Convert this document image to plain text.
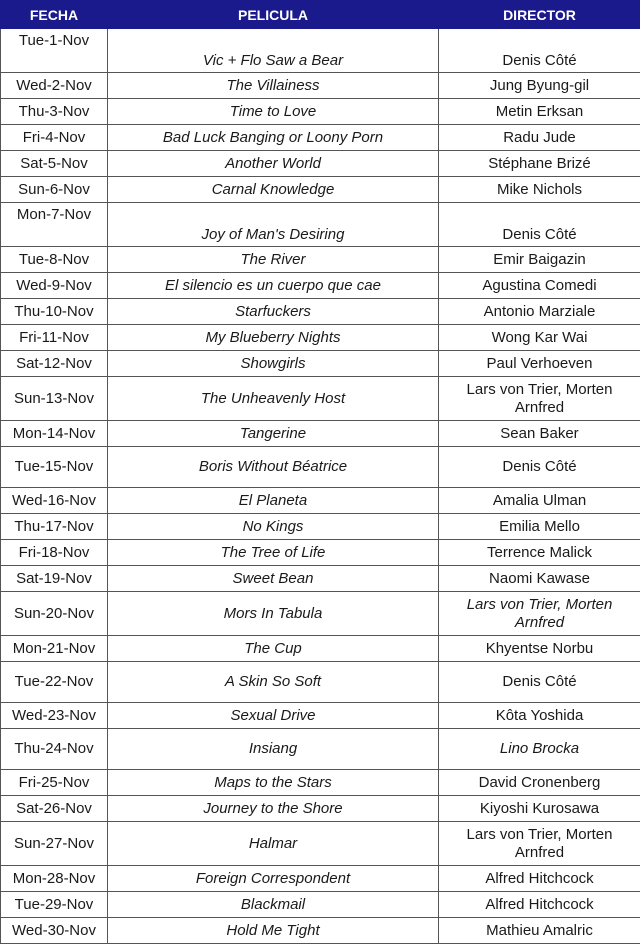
FECHA	PELICULA	DIRECTOR
Tue-1-Nov	Vic + Flo Saw a Bear	Denis Côté
Wed-2-Nov	The Villainess	Jung Byung-gil
Thu-3-Nov	Time to Love	Metin Erksan
Fri-4-Nov	Bad Luck Banging or Loony Porn	Radu Jude
Sat-5-Nov	Another World	Stéphane Brizé
Sun-6-Nov	Carnal Knowledge	Mike Nichols
Mon-7-Nov	Joy of Man's Desiring	Denis Côté
Tue-8-Nov	The River	Emir Baigazin
Wed-9-Nov	El silencio es un cuerpo que cae	Agustina Comedi
Thu-10-Nov	Starfuckers	Antonio Marziale
Fri-11-Nov	My Blueberry Nights	Wong Kar Wai
Sat-12-Nov	Showgirls	Paul Verhoeven
Sun-13-Nov	The Unheavenly Host	Lars von Trier, Morten Arnfred
Mon-14-Nov	Tangerine	Sean Baker
Tue-15-Nov	Boris Without Béatrice	Denis Côté
Wed-16-Nov	El Planeta	Amalia Ulman
Thu-17-Nov	No Kings	Emilia Mello
Fri-18-Nov	The Tree of Life	Terrence Malick
Sat-19-Nov	Sweet Bean	Naomi Kawase
Sun-20-Nov	Mors In Tabula	Lars von Trier, Morten Arnfred
Mon-21-Nov	The Cup	Khyentse Norbu
Tue-22-Nov	A Skin So Soft	Denis Côté
Wed-23-Nov	Sexual Drive	Kôta Yoshida
Thu-24-Nov	Insiang	Lino Brocka
Fri-25-Nov	Maps to the Stars	David Cronenberg
Sat-26-Nov	Journey to the Shore	Kiyoshi Kurosawa
Sun-27-Nov	Halmar	Lars von Trier, Morten Arnfred
Mon-28-Nov	Foreign Correspondent	Alfred Hitchcock
Tue-29-Nov	Blackmail	Alfred Hitchcock
Wed-30-Nov	Hold Me Tight	Mathieu Amalric
